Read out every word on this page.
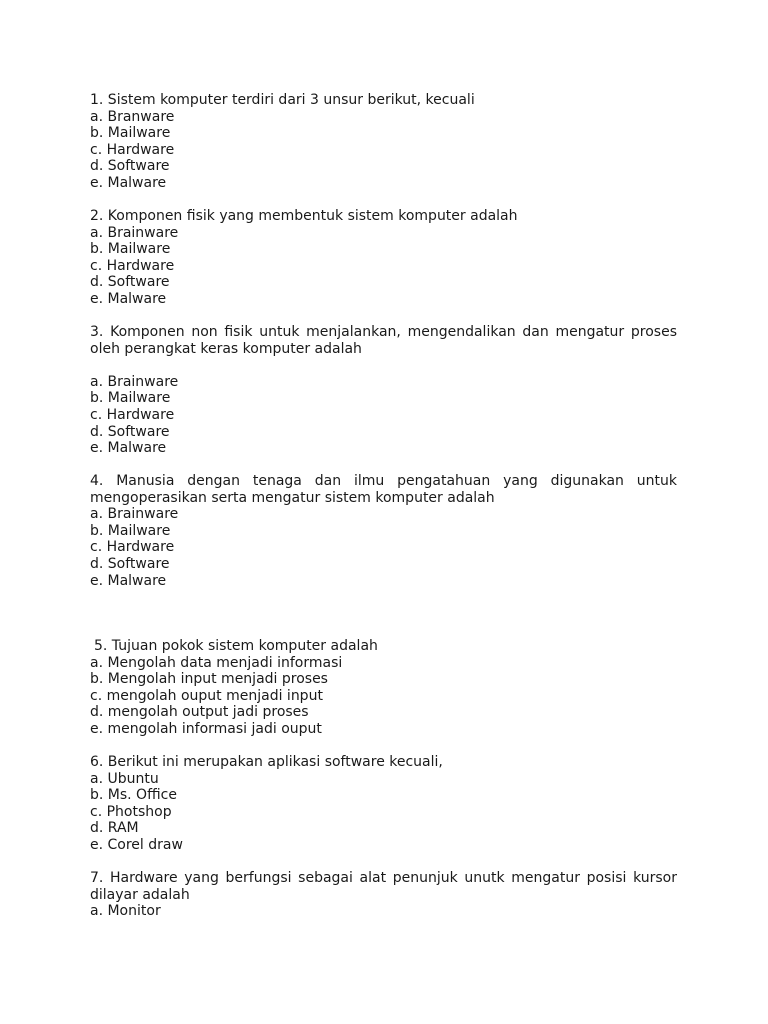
1. Sistem komputer terdiri dari 3 unsur berikut, kecuali

a. Branware
b. Mailware
c. Hardware
d. Software
e. Malware

2. Komponen fisik yang membentuk sistem komputer adalah

a. Brainware
b. Mailware
c. Hardware
d. Software
e. Malware

3. Komponen non fisik untuk menjalankan, mengendalikan dan mengatur proses oleh perangkat keras komputer adalah

a. Brainware
b. Mailware
c. Hardware
d. Software
e. Malware

4. Manusia dengan tenaga dan ilmu pengatahuan yang digunakan untuk mengoperasikan serta mengatur sistem komputer adalah

a. Brainware
b. Mailware
c. Hardware
d. Software
e. Malware

5. Tujuan pokok sistem komputer adalah

a. Mengolah data menjadi informasi
b. Mengolah input menjadi proses
c. mengolah ouput menjadi input
d. mengolah output jadi proses
e. mengolah informasi jadi ouput

6. Berikut ini merupakan aplikasi software kecuali,

a. Ubuntu
b. Ms. Office
c. Photshop
d. RAM
e. Corel draw

7. Hardware yang berfungsi sebagai alat penunjuk unutk mengatur posisi kursor dilayar adalah

a. Monitor
